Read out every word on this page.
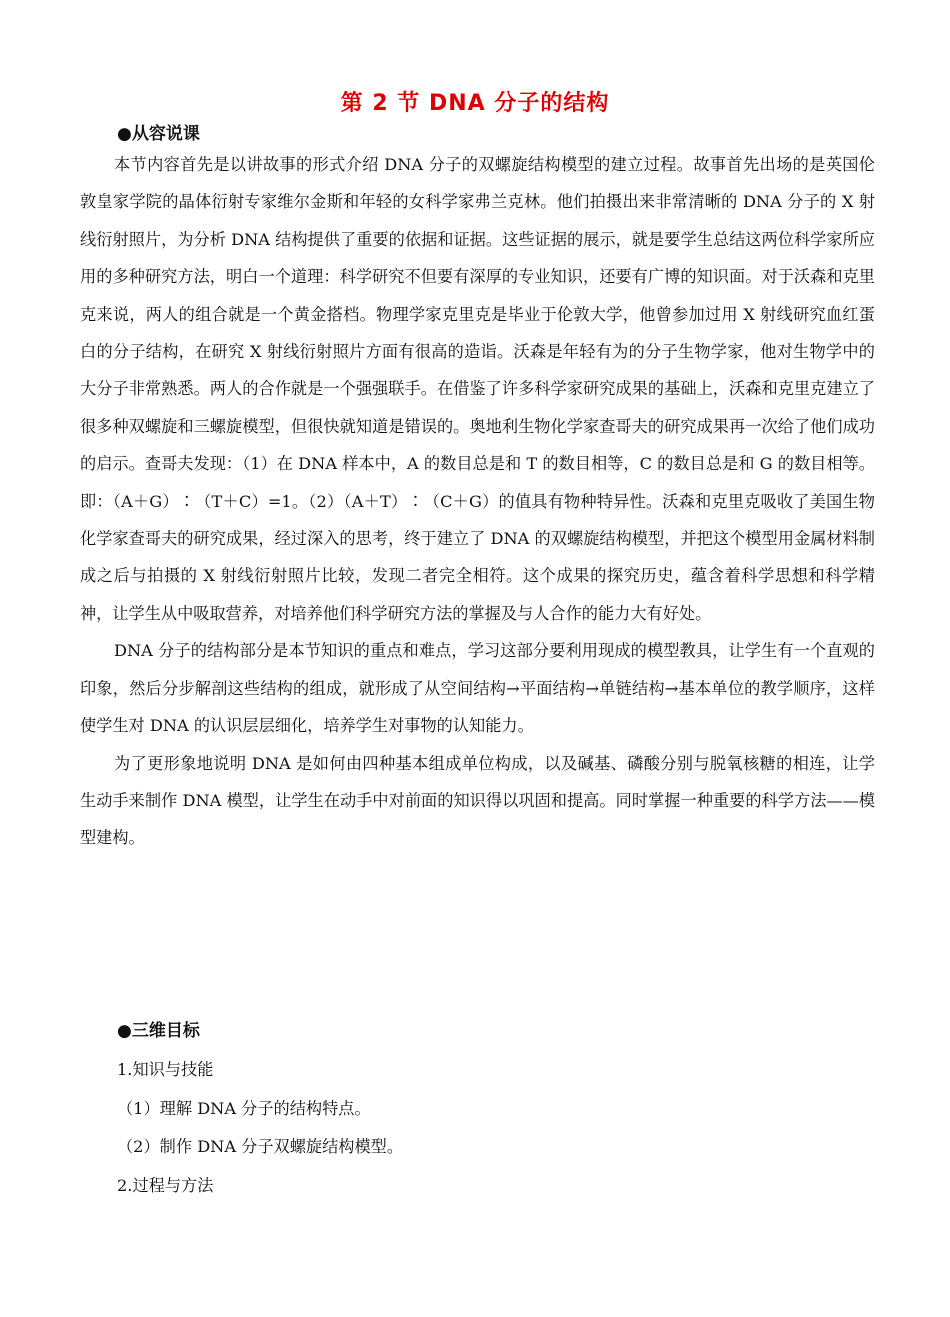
第 2 节 DNA 分子的结构
●从容说课

本节内容首先是以讲故事的形式介绍 DNA 分子的双螺旋结构模型的建立过程。故事首先出场的是英国伦敦皇家学院的晶体衍射专家维尔金斯和年轻的女科学家弗兰克林。他们拍摄出来非常清晰的 DNA 分子的 X 射线衍射照片，为分析 DNA 结构提供了重要的依据和证据。这些证据的展示，就是要学生总结这两位科学家所应用的多种研究方法，明白一个道理：科学研究不但要有深厚的专业知识，还要有广博的知识面。对于沃森和克里克来说，两人的组合就是一个黄金搭档。物理学家克里克是毕业于伦敦大学，他曾参加过用 X 射线研究血红蛋白的分子结构，在研究 X 射线衍射照片方面有很高的造诣。沃森是年轻有为的分子生物学家，他对生物学中的大分子非常熟悉。两人的合作就是一个强强联手。在借鉴了许多科学家研究成果的基础上，沃森和克里克建立了很多种双螺旋和三螺旋模型，但很快就知道是错误的。奥地利生物化学家查哥夫的研究成果再一次给了他们成功的启示。查哥夫发现：（1）在 DNA 样本中，A 的数目总是和 T 的数目相等，C 的数目总是和 G 的数目相等。即：（A＋G）∶（T＋C）=1。（2）（A＋T）∶（C＋G）的值具有物种特异性。沃森和克里克吸收了美国生物化学家查哥夫的研究成果，经过深入的思考，终于建立了 DNA 的双螺旋结构模型，并把这个模型用金属材料制成之后与拍摄的 X 射线衍射照片比较，发现二者完全相符。这个成果的探究历史，蕴含着科学思想和科学精神，让学生从中吸取营养，对培养他们科学研究方法的掌握及与人合作的能力大有好处。

DNA 分子的结构部分是本节知识的重点和难点，学习这部分要利用现成的模型教具，让学生有一个直观的印象，然后分步解剖这些结构的组成，就形成了从空间结构→平面结构→单链结构→基本单位的教学顺序，这样使学生对 DNA 的认识层层细化，培养学生对事物的认知能力。

为了更形象地说明 DNA 是如何由四种基本组成单位构成，以及碱基、磷酸分别与脱氧核糖的相连，让学生动手来制作 DNA 模型，让学生在动手中对前面的知识得以巩固和提高。同时掌握一种重要的科学方法——模型建构。

●三维目标
1.知识与技能
（1）理解 DNA 分子的结构特点。
（2）制作 DNA 分子双螺旋结构模型。
2.过程与方法
